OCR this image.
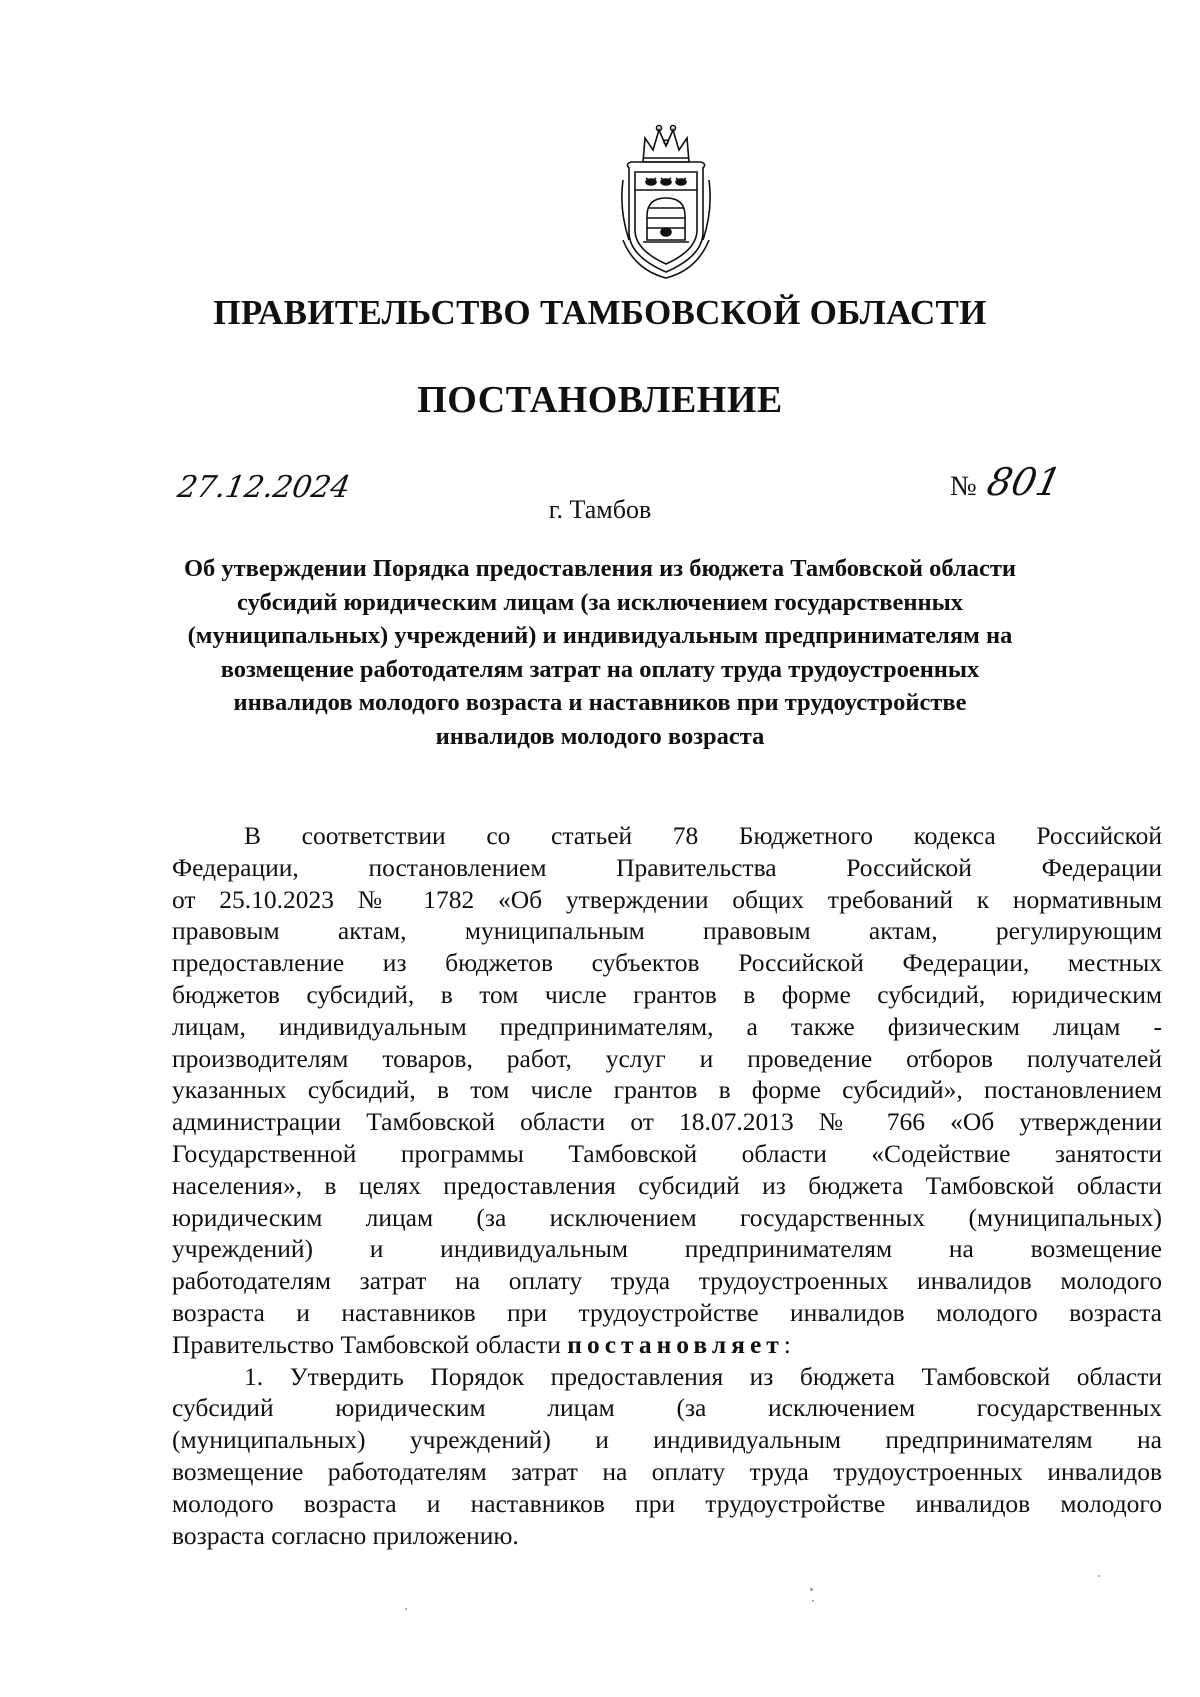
ПРАВИТЕЛЬСТВО ТАМБОВСКОЙ ОБЛАСТИ
ПОСТАНОВЛЕНИЕ
27.12.2024	№ 801
г. Тамбов
Об утверждении Порядка предоставления из бюджета Тамбовской области
субсидий юридическим лицам (за исключением государственных
(муниципальных) учреждений) и индивидуальным предпринимателям на
возмещение работодателям затрат на оплату труда трудоустроенных
инвалидов молодого возраста и наставников при трудоустройстве
инвалидов молодого возраста
В соответствии со статьей 78 Бюджетного кодекса Российской
Федерации, постановлением Правительства Российской Федерации
от 25.10.2023 № 1782 «Об утверждении общих требований к нормативным
правовым актам, муниципальным правовым актам, регулирующим
предоставление из бюджетов субъектов Российской Федерации, местных
бюджетов субсидий, в том числе грантов в форме субсидий, юридическим
лицам, индивидуальным предпринимателям, а также физическим лицам -
производителям товаров, работ, услуг и проведение отборов получателей
указанных субсидий, в том числе грантов в форме субсидий», постановлением
администрации Тамбовской области от 18.07.2013 № 766 «Об утверждении
Государственной программы Тамбовской области «Содействие занятости
населения», в целях предоставления субсидий из бюджета Тамбовской области
юридическим лицам (за исключением государственных (муниципальных)
учреждений) и индивидуальным предпринимателям на возмещение
работодателям затрат на оплату труда трудоустроенных инвалидов молодого
возраста и наставников при трудоустройстве инвалидов молодого возраста
Правительство Тамбовской области постановляет:
1. Утвердить Порядок предоставления из бюджета Тамбовской области
субсидий юридическим лицам (за исключением государственных
(муниципальных) учреждений) и индивидуальным предпринимателям на
возмещение работодателям затрат на оплату труда трудоустроенных инвалидов
молодого возраста и наставников при трудоустройстве инвалидов молодого
возраста согласно приложению.
